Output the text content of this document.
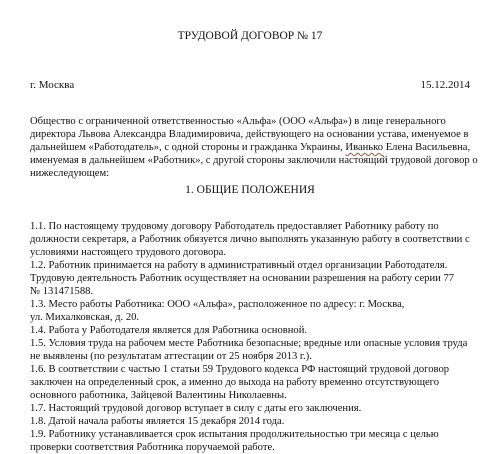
ТРУДОВОЙ ДОГОВОР № 17
г. Москва	15.12.2014
Общество с ограниченной ответственностью «Альфа» (ООО «Альфа») в лице генерального
директора Львова Александра Владимировича, действующего на основании устава, именуемое в
дальнейшем «Работодатель», с одной стороны и гражданка Украины, Иванько Елена Васильевна,
именуемая в дальнейшем «Работник», с другой стороны заключили настоящий трудовой договор о
нижеследующем:
1. ОБЩИЕ ПОЛОЖЕНИЯ
1.1. По настоящему трудовому договору Работодатель предоставляет Работнику работу по
должности секретаря, а Работник обязуется лично выполнять указанную работу в соответствии с
условиями настоящего трудового договора.
1.2. Работник принимается на работу в административный отдел организации Работодателя.
Трудовую деятельность Работник осуществляет на основании разрешения на работу серии 77
№ 131471588.
1.3. Место работы Работника: ООО «Альфа», расположенное по адресу: г. Москва,
ул. Михалковская, д. 20.
1.4. Работа у Работодателя является для Работника основной.
1.5. Условия труда на рабочем месте Работника безопасные; вредные или опасные условия труда
не выявлены (по результатам аттестации от 25 ноября 2013 г.).
1.6. В соответствии с частью 1 статьи 59 Трудового кодекса РФ настоящий трудовой договор
заключен на определенный срок, а именно до выхода на работу временно отсутствующего
основного работника, Зайцевой Валентины Николаевны.
1.7. Настоящий трудовой договор вступает в силу с даты его заключения.
1.8. Датой начала работы является 15 декабря 2014 года.
1.9. Работнику устанавливается срок испытания продолжительностью три месяца с целью
проверки соответствия Работника поручаемой работе.
